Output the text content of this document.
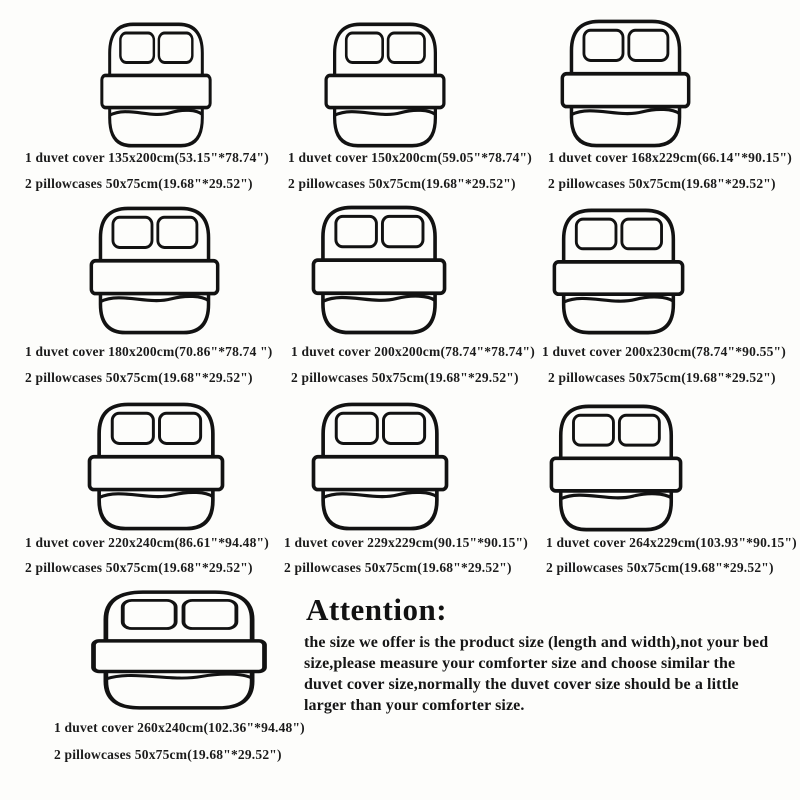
1 duvet cover 135x200cm(53.15"*78.74")
2 pillowcases 50x75cm(19.68"*29.52")
1 duvet cover 150x200cm(59.05"*78.74")
2 pillowcases 50x75cm(19.68"*29.52")
1 duvet cover 168x229cm(66.14"*90.15")
2 pillowcases 50x75cm(19.68"*29.52")
1 duvet cover 180x200cm(70.86"*78.74 ")
2 pillowcases 50x75cm(19.68"*29.52")
1 duvet cover 200x200cm(78.74"*78.74")
2 pillowcases 50x75cm(19.68"*29.52")
1 duvet cover 200x230cm(78.74"*90.55")
2 pillowcases 50x75cm(19.68"*29.52")
1 duvet cover 220x240cm(86.61"*94.48")
2 pillowcases 50x75cm(19.68"*29.52")
1 duvet cover 229x229cm(90.15"*90.15")
2 pillowcases 50x75cm(19.68"*29.52")
1 duvet cover 264x229cm(103.93"*90.15")
2 pillowcases 50x75cm(19.68"*29.52")
1 duvet cover 260x240cm(102.36"*94.48")
2 pillowcases 50x75cm(19.68"*29.52")
Attention:
the size we offer is the product size (length and width),not your bed
size,please measure your comforter size and choose similar the
duvet cover size,normally the duvet cover size should be a little
larger than your comforter size.
